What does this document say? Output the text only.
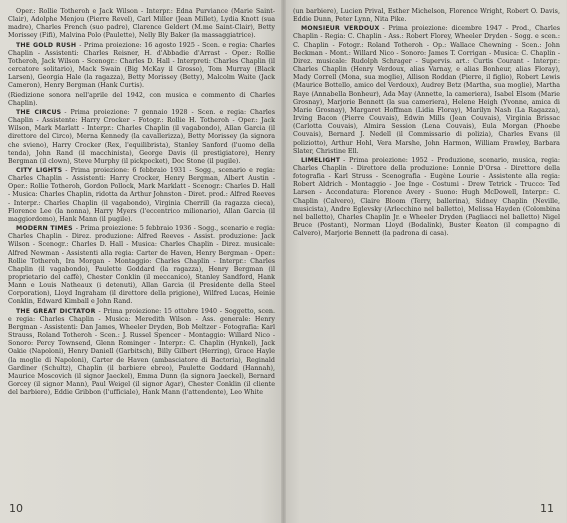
Oper.: Rollie Totheroh e Jack Wilson - Interpr.: Edna Purviance (Marie Saint-Clair), Adolphe Menjou (Pierre Revel), Carl Miller (Jean Millet), Lydia Knott (sua madre), Charles French (suo padre), Clarence Geldert (M.me Saint-Clair), Betty Morissey (Fifi), Malvina Polo (Paulette), Nelly Bly Baker (la massaggiatrice).
THE GOLD RUSH - Prima proiezione: 16 agosto 1925 - Scen. e regia: Charles Chaplin - Assistenti: Charles Reisner, H. d'Abbadie d'Arrast - Oper.: Rollie Totheroh, Jack Wilson - Scenogr.: Charles D. Hall - Interpreti: Charles Chaplin (il cercatore solitario), Mack Swain (Big McKay il Grosso), Tom Murray (Black Larsen), Georgia Hale (la ragazza), Betty Morissey (Betty), Malcolm Waite (Jack Cameron), Henry Bergman (Hank Curtis).
(Riedizione sonora nell'aprile del 1942, con musica e commento di Charles Chaplin).
THE CIRCUS - Prima proiezione: 7 gennaio 1928 - Scen. e regia: Charles Chaplin - Assistente: Harry Crocker - Fotogr.: Rollie H. Totheroh - Oper.: Jack Wilson, Mark Marlatt - Interpr.: Charles Chaplin (il vagabondo), Allan Garcia (il direttore del Circo), Merna Kennedy (la cavallerizza), Betty Morissey (la signora che svieno), Harry Crocker (Rex, l'equilibrista), Stanley Sanford (l'uomo della tenda), John Rand (il macchinista), George Davis (il prestigiatore), Henry Bergman (il clown), Steve Murphy (il pickpocket), Doc Stone (il pugile).
CITY LIGHTS - Prima proiezione: 6 febbraio 1931 - Sogg., scenario e regia: Charles Chaplin - Assistenti: Harry Crocker, Henry Bergman, Albert Austin - Oper.: Rollie Totheroh, Gordon Pollock, Mark Marklatt - Scenogr.: Charles D. Hall - Musica: Charles Chaplin, ridotta da Arthur Johnston - Diret. prod.: Alfred Reeves - Interpr.: Charles Chaplin (il vagabondo), Virginia Cherrill (la ragazza cieca), Florence Lee (la nonna), Harry Myers (l'eccentrico milionario), Allan Garcia (il maggiordomo), Hank Mann (il pugile).
MODERN TIMES - Prima proiezione: 5 febbraio 1936 - Sogg., scenario e regia: Charles Chaplin - Direz. produzione: Alfred Reeves - Assist. produzione: Jack Wilson - Scenogr.: Charles D. Hall - Musica: Charles Chaplin - Direz. musicale: Alfred Newman - Assistenti alla regia: Carter de Haven, Henry Bergman - Oper.: Rollie Totheroh, Ira Morgan - Montaggio: Charles Chaplin - Interpr.: Charles Chaplin (il vagabondo), Paulette Goddard (la ragazza), Henry Bergman (il proprietario del caffè), Chester Conklin (il meccanico), Stanley Sandford, Hank Mann e Louis Natheaux (i detenuti), Allan Garcia (il Presidente della Steel Corporation), Lloyd Ingraham (il direttore della prigione), Wilfred Lucas, Heinie Conklin, Edward Kimball e John Rand.
THE GREAT DICTATOR - Prima proiezione: 15 ottobre 1940 - Soggetto, scen. e regia: Charles Chaplin - Musica: Meredith Wilson - Ass. generale: Henry Bergman - Assistenti: Dan James, Wheeler Dryden, Bob Meltzer - Fotografia: Karl Strauss, Roland Totheroh - Scen.: J. Russel Spencer - Montaggio: Willard Nico - Sonoro: Percy Townsend, Glenn Rominger - Interpr.: C. Chaplin (Hynkel), Jack Oakie (Napoloni), Henry Daniell (Garbitsch), Billy Gilbert (Herring), Grace Hayle (la moglie di Napoloni), Carter de Haven (ambasciatore di Bactoria), Reginald Gardiner (Schultz), Chaplin (il barbiere ebreo), Paulette Goddard (Hannah), Maurice Moscovich (il signor Jaeckel), Emma Dunn (la signora Jaeckel), Bernard Gorcey (il signor Mann), Paul Weigel (il signor Agar), Chester Conklin (il cliente del barbiere), Eddie Gribbon (l'ufficiale), Hank Mann (l'attendente), Leo White
10
(un barbiere), Lucien Prival, Esther Michelson, Florence Wright, Robert O. Davis, Eddie Dunn, Peter Lynn, Nita Pike.
MONSIEUR VERDOUX - Prima proiezione: dicembre 1947 - Prod., Charles Chaplin - Regia: C. Chaplin - Ass.: Robert Florey, Wheeler Dryden - Sogg. e scen.: C. Chaplin - Fotogr.: Roland Totheroh - Op.: Wallace Chewning - Scen.: John Beckman - Mont.: Willard Nico - Sonoro: James T. Corrigan - Musica: C. Chaplin - Direz. musicale: Rudolph Schrager - Supervis. art.: Curtis Courant - Interpr.: Charles Chaplin (Henry Verdoux, alias Varnay, e alias Bonheur, alias Floray), Mady Correll (Mona, sua moglie), Allison Roddan (Pierre, il figlio), Robert Lewis (Maurice Bottello, amico del Verdoux), Audrey Betz (Martha, sua moglie), Martha Raye (Annabella Bonheur), Ada May (Annette, la cameriera), Isabel Elsom (Marie Grosnay), Marjorie Bennett (la sua cameriera), Helene Heigh (Yvonne, amica di Marie Grosnay), Margaret Hoffman (Lidia Floray), Marilyn Nash (La Ragazza), Irving Bacon (Pierre Couvais), Edwin Mills (Jean Couvais), Virginia Brissac (Carlotta Couvais), Almira Session (Lena Couvais), Eula Morgan (Phoebe Couvais), Bernard J. Nedell (il Commissario di polizia), Charles Evans (il poliziotto), Arthur Hohl, Vera Marshe, John Harmon, William Frawley, Barbara Slater, Christine Ell.
LIMELIGHT - Prima proiezione: 1952 - Produzione, scenario, musica, regia: Charles Chaplin - Direttore della produzione: Lonnie D'Orsa - Direttore della fotografia - Karl Struss - Scenografia - Eugène Lourie - Assistente alla regia: Robert Aldrich - Montaggio - Joe Inge - Costumi - Drew Tetrick - Trucco: Ted Larsen - Accondatura: Florence Avery - Suono: Hugh McDowell, Interpr.: C. Chaplin (Calvero), Claire Bloom (Terry, ballerina), Sidney Chaplin (Neville, musicista), Andre Eglevsky (Arlecchino nel balletto), Melissa Hayden (Colombina nel balletto), Charles Chaplin Jr. e Wheeler Dryden (Pagliacci nel balletto) Nigel Bruce (Postant), Norman Lloyd (Bodalink), Buster Keaton (il compagno di Calvero), Marjorie Bennett (la padrona di casa).
11
